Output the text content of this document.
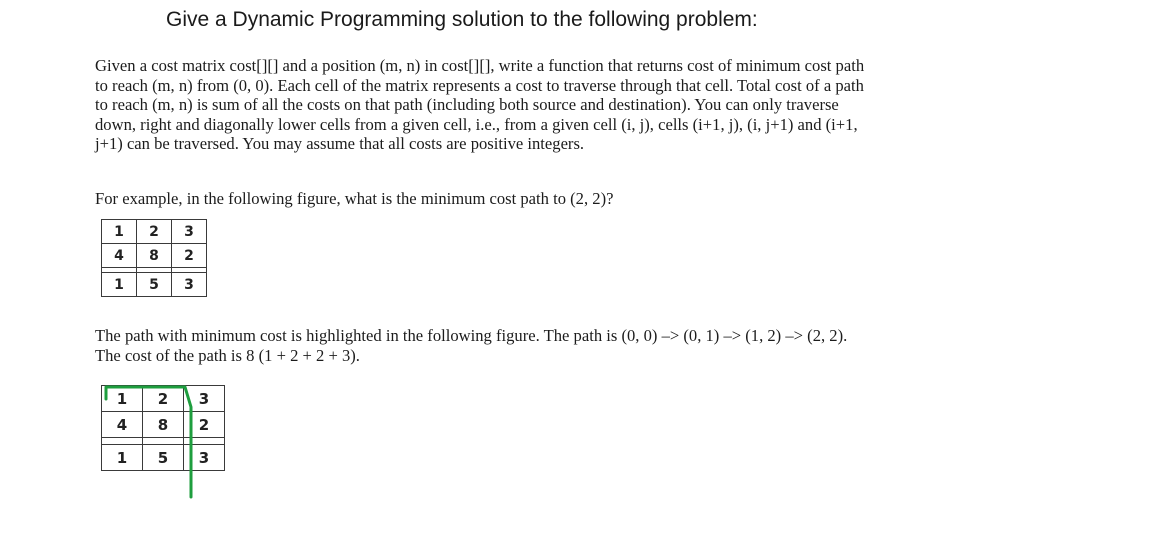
Give a Dynamic Programming solution to the following problem:
Given a cost matrix cost[][] and a position (m, n) in cost[][], write a function that returns cost of minimum cost path
to reach (m, n) from (0, 0). Each cell of the matrix represents a cost to traverse through that cell. Total cost of a path
to reach (m, n) is sum of all the costs on that path (including both source and destination). You can only traverse
down, right and diagonally lower cells from a given cell, i.e., from a given cell (i, j), cells (i+1, j), (i, j+1) and (i+1,
j+1) can be traversed. You may assume that all costs are positive integers.
For example, in the following figure, what is the minimum cost path to (2, 2)?
1	2	3
4	8	2

1	5	3
The path with minimum cost is highlighted in the following figure. The path is (0, 0) –> (0, 1) –> (1, 2) –> (2, 2).
The cost of the path is 8 (1 + 2 + 2 + 3).
1	2	3
4	8	2

1	5	3
